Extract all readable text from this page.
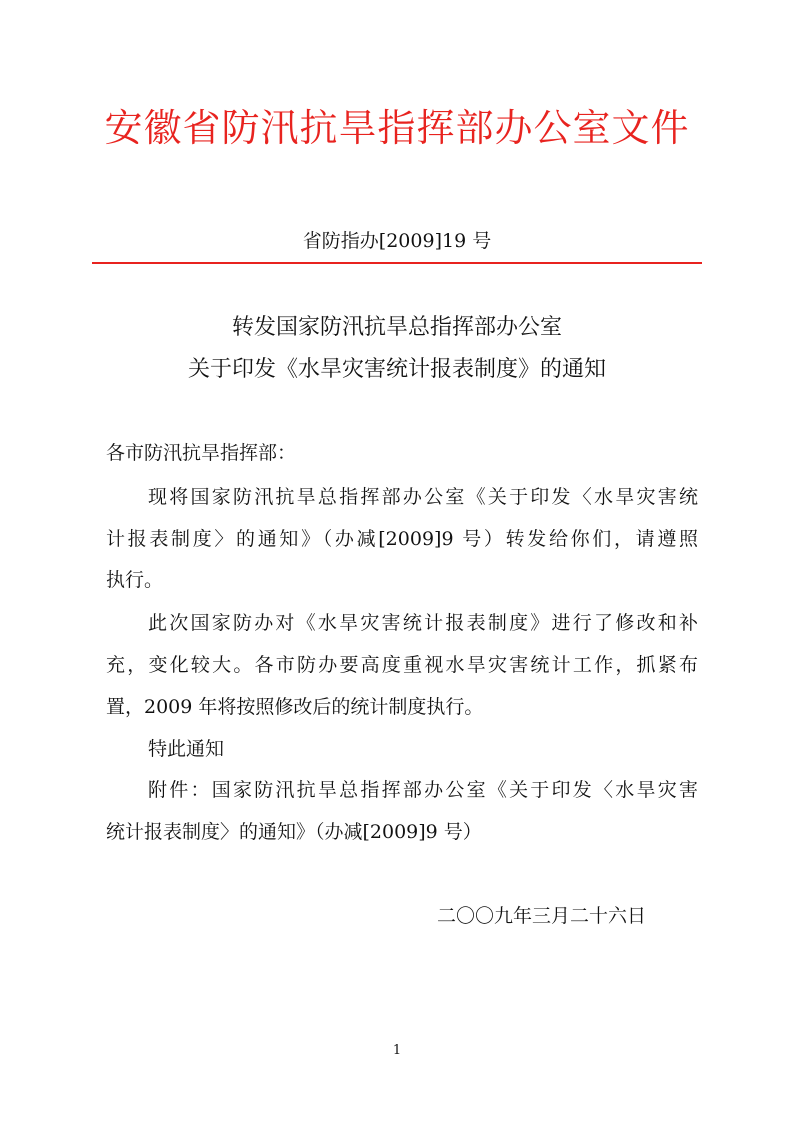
安徽省防汛抗旱指挥部办公室文件
省防指办[2009]19 号
转发国家防汛抗旱总指挥部办公室
关于印发《水旱灾害统计报表制度》的通知
各市防汛抗旱指挥部：
现将国家防汛抗旱总指挥部办公室《关于印发〈水旱灾害统
计报表制度〉的通知》（办减[2009]9 号）转发给你们，请遵照
执行。
此次国家防办对《水旱灾害统计报表制度》进行了修改和补
充，变化较大。各市防办要高度重视水旱灾害统计工作，抓紧布
置，2009 年将按照修改后的统计制度执行。
特此通知
附件：国家防汛抗旱总指挥部办公室《关于印发〈水旱灾害
统计报表制度〉的通知》（办减[2009]9 号）
二〇〇九年三月二十六日
1
